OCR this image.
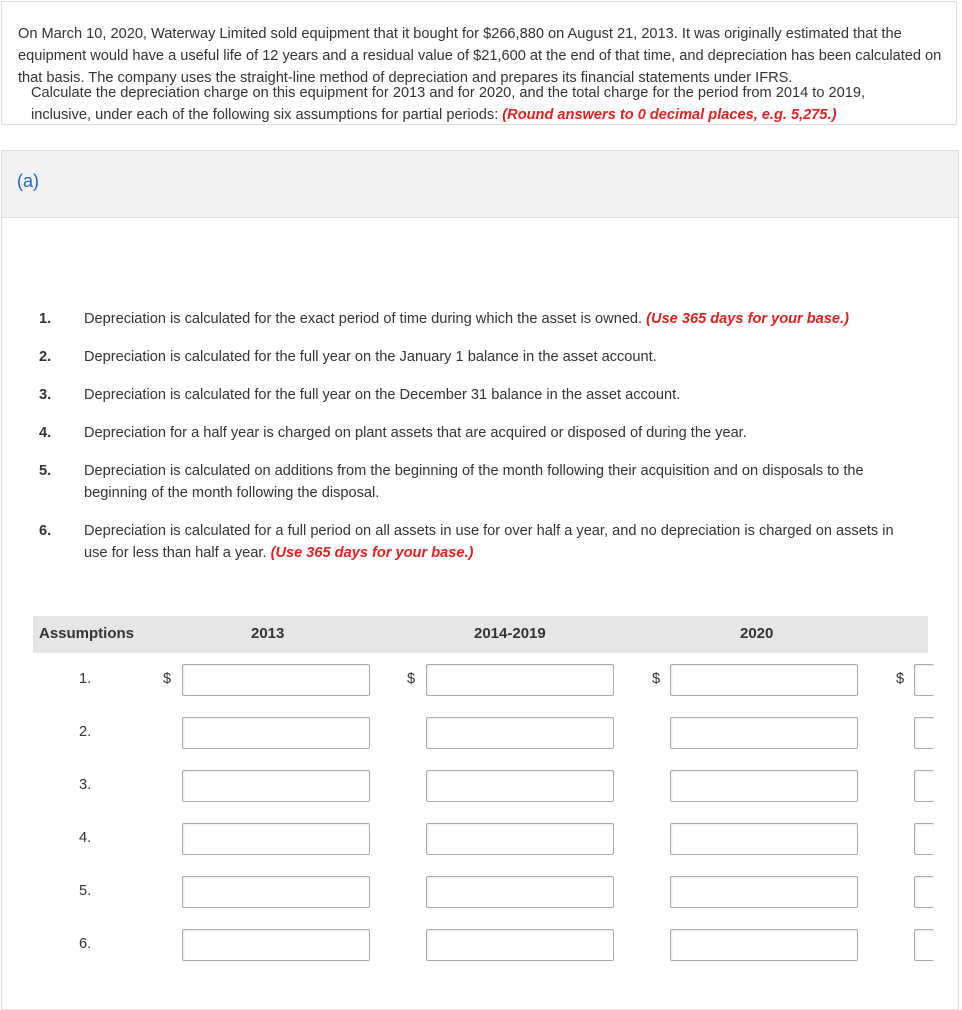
On March 10, 2020, Waterway Limited sold equipment that it bought for $266,880 on August 21, 2013. It was originally estimated that the equipment would have a useful life of 12 years and a residual value of $21,600 at the end of that time, and depreciation has been calculated on that basis. The company uses the straight-line method of depreciation and prepares its financial statements under IFRS.
(a)
Calculate the depreciation charge on this equipment for 2013 and for 2020, and the total charge for the period from 2014 to 2019, inclusive, under each of the following six assumptions for partial periods: (Round answers to 0 decimal places, e.g. 5,275.)
1. Depreciation is calculated for the exact period of time during which the asset is owned. (Use 365 days for your base.)
2. Depreciation is calculated for the full year on the January 1 balance in the asset account.
3. Depreciation is calculated for the full year on the December 31 balance in the asset account.
4. Depreciation for a half year is charged on plant assets that are acquired or disposed of during the year.
5. Depreciation is calculated on additions from the beginning of the month following their acquisition and on disposals to the beginning of the month following the disposal.
6. Depreciation is calculated for a full period on all assets in use for over half a year, and no depreciation is charged on assets in use for less than half a year. (Use 365 days for your base.)
Assumptions	2013	2014-2019	2020
1.	$	$	$	$
2.
3.
4.
5.
6.
